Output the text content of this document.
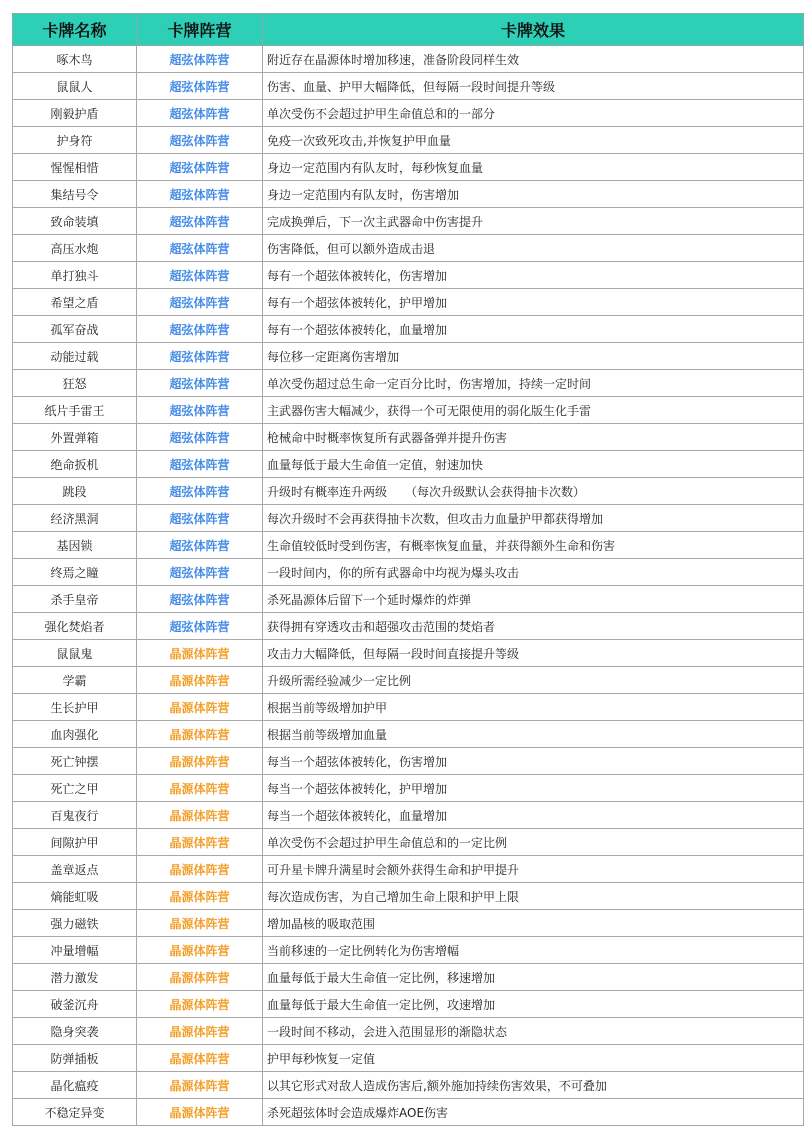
卡牌名称	卡牌阵营	卡牌效果
啄木鸟	超弦体阵营	附近存在晶源体时增加移速，准备阶段同样生效
鼠鼠人	超弦体阵营	伤害、血量、护甲大幅降低，但每隔一段时间提升等级
刚毅护盾	超弦体阵营	单次受伤不会超过护甲生命值总和的一部分
护身符	超弦体阵营	免疫一次致死攻击,并恢复护甲血量
惺惺相惜	超弦体阵营	身边一定范围内有队友时，每秒恢复血量
集结号令	超弦体阵营	身边一定范围内有队友时，伤害增加
致命装填	超弦体阵营	完成换弹后，下一次主武器命中伤害提升
高压水炮	超弦体阵营	伤害降低，但可以额外造成击退
单打独斗	超弦体阵营	每有一个超弦体被转化，伤害增加
希望之盾	超弦体阵营	每有一个超弦体被转化，护甲增加
孤军奋战	超弦体阵营	每有一个超弦体被转化，血量增加
动能过载	超弦体阵营	每位移一定距离伤害增加
狂怒	超弦体阵营	单次受伤超过总生命一定百分比时，伤害增加，持续一定时间
纸片手雷王	超弦体阵营	主武器伤害大幅减少，获得一个可无限使用的弱化版生化手雷
外置弹箱	超弦体阵营	枪械命中时概率恢复所有武器备弹并提升伤害
绝命扳机	超弦体阵营	血量每低于最大生命值一定值，射速加快
跳段	超弦体阵营	升级时有概率连升两级　　（每次升级默认会获得抽卡次数）
经济黑洞	超弦体阵营	每次升级时不会再获得抽卡次数，但攻击力血量护甲都获得增加
基因锁	超弦体阵营	生命值较低时受到伤害，有概率恢复血量，并获得额外生命和伤害
终焉之瞳	超弦体阵营	一段时间内，你的所有武器命中均视为爆头攻击
杀手皇帝	超弦体阵营	杀死晶源体后留下一个延时爆炸的炸弹
强化焚焰者	超弦体阵营	获得拥有穿透攻击和超强攻击范围的焚焰者
鼠鼠鬼	晶源体阵营	攻击力大幅降低，但每隔一段时间直接提升等级
学霸	晶源体阵营	升级所需经验减少一定比例
生长护甲	晶源体阵营	根据当前等级增加护甲
血肉强化	晶源体阵营	根据当前等级增加血量
死亡钟摆	晶源体阵营	每当一个超弦体被转化，伤害增加
死亡之甲	晶源体阵营	每当一个超弦体被转化，护甲增加
百鬼夜行	晶源体阵营	每当一个超弦体被转化，血量增加
间隙护甲	晶源体阵营	单次受伤不会超过护甲生命值总和的一定比例
盖章返点	晶源体阵营	可升星卡牌升满星时会额外获得生命和护甲提升
熵能虹吸	晶源体阵营	每次造成伤害，为自己增加生命上限和护甲上限
强力磁铁	晶源体阵营	增加晶核的吸取范围
冲量增幅	晶源体阵营	当前移速的一定比例转化为伤害增幅
潜力激发	晶源体阵营	血量每低于最大生命值一定比例，移速增加
破釜沉舟	晶源体阵营	血量每低于最大生命值一定比例，攻速增加
隐身突袭	晶源体阵营	一段时间不移动，会进入范围显形的渐隐状态
防弹插板	晶源体阵营	护甲每秒恢复一定值
晶化瘟疫	晶源体阵营	以其它形式对敌人造成伤害后,额外施加持续伤害效果，不可叠加
不稳定异变	晶源体阵营	杀死超弦体时会造成爆炸AOE伤害
